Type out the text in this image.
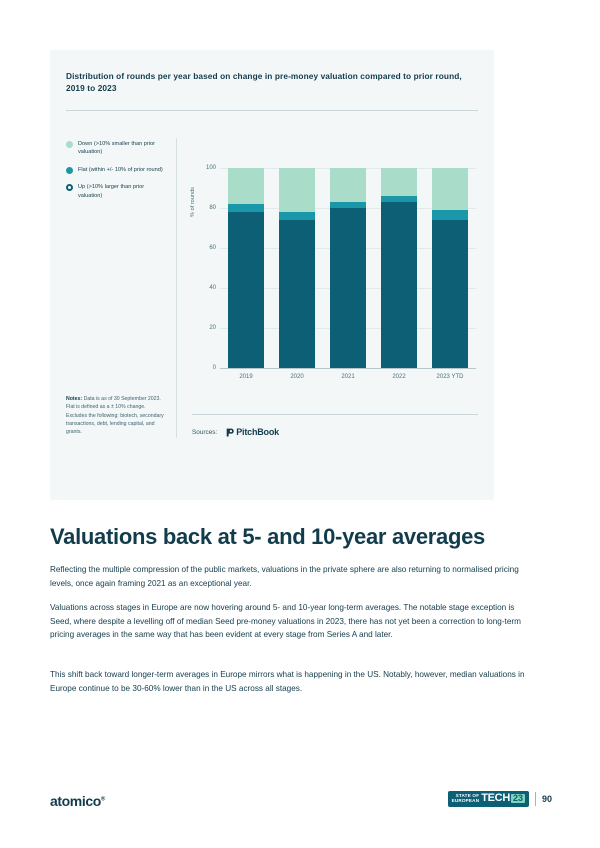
Distribution of rounds per year based on change in pre-money valuation compared to prior round, 2019 to 2023
Down (>10% smaller than prior valuation)
Flat (within +/- 10% of prior round)
Up (>10% larger than prior valuation)
Notes: Data is as of 30 September 2023. Flat is defined as a ± 10% change. Excludes the following: biotech, secondary transactions, debt, lending capital, and grants.	Sources: PitchBook
% of rounds
100
80
60
40
20
0
2019	2020	2021	2022	2023 YTD
Valuations back at 5- and 10-year averages
Reflecting the multiple compression of the public markets, valuations in the private sphere are also returning to normalised pricing levels, once again framing 2021 as an exceptional year.
Valuations across stages in Europe are now hovering around 5- and 10-year long-term averages. The notable stage exception is Seed, where despite a levelling off of median Seed pre-money valuations in 2023, there has not yet been a correction to long-term pricing averages in the same way that has been evident at every stage from Series A and later.
This shift back toward longer-term averages in Europe mirrors what is happening in the US. Notably, however, median valuations in Europe continue to be 30-60% lower than in the US across all stages.
atomico®
STATE OF
EUROPEAN TECH 23 90
